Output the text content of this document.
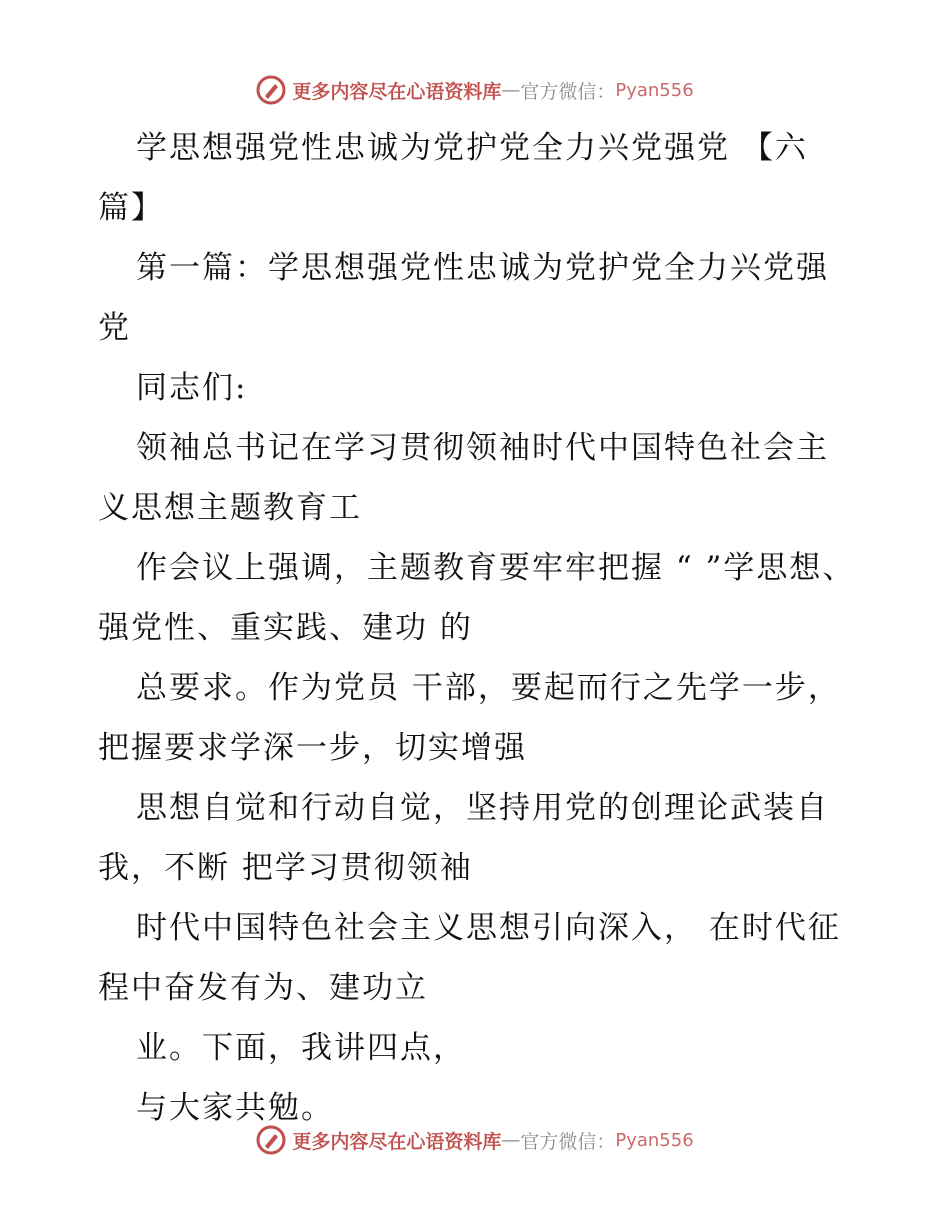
更多内容尽在心语资料库 — 官方微信： Pyan556

学思想强党性忠诚为党护党全力兴党强党 【六篇】

第一篇：学思想强党性忠诚为党护党全力兴党强党

同志们:

领袖总书记在学习贯彻领袖时代中国特色社会主义思想主题教育工

作会议上强调，主题教育要牢牢把握 “ ”学思想、强党性、重实践、建功 的

总要求。作为党员 干部，要起而行之先学一步，把握要求学深一步，切实增强

思想自觉和行动自觉，坚持用党的创理论武装自我，不断 把学习贯彻领袖

时代中国特色社会主义思想引向深入， 在时代征程中奋发有为、建功立

业。下面，我讲四点，

与大家共勉。

更多内容尽在心语资料库 — 官方微信： Pyan556
